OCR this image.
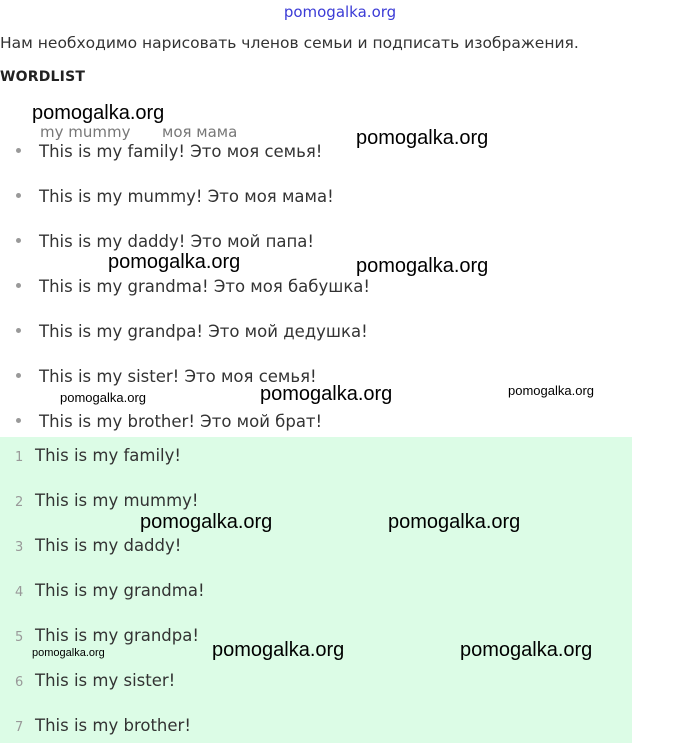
pomogalka.org
Нам необходимо нарисовать членов семьи и подписать изображения.
WORDLIST
my mummy моя мама
This is my family! Это моя семья!
This is my mummy! Это моя мама!
This is my daddy! Это мой папа!
This is my grandma! Это моя бабушка!
This is my grandpa! Это мой дедушка!
This is my sister! Это моя семья!
This is my brother! Это мой брат!
1 This is my family!
2 This is my mummy!
3 This is my daddy!
4 This is my grandma!
5 This is my grandpa!
6 This is my sister!
7 This is my brother!
pomogalka.org
pomogalka.org
pomogalka.org	pomogalka.org
pomogalka.org	pomogalka.org	pomogalka.org
pomogalka.org	pomogalka.org
pomogalka.org	pomogalka.org	pomogalka.org
